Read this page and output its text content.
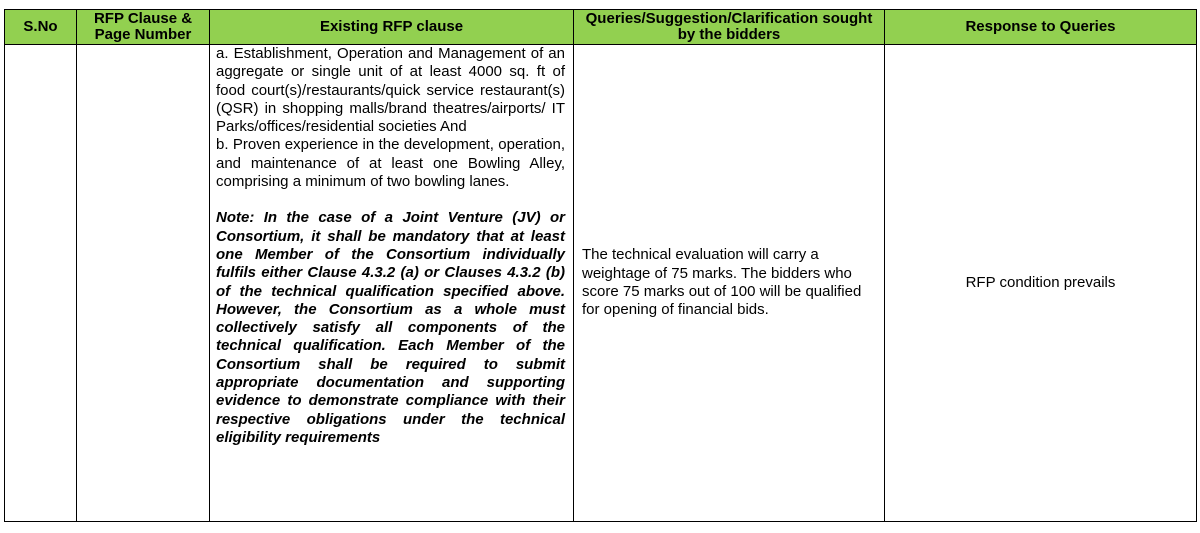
S.No	RFP Clause & Page Number	Existing RFP clause	Queries/Suggestion/Clarification sought by the bidders	Response to Queries

		a. Establishment, Operation and Management of an aggregate or single unit of at least 4000 sq. ft of food court(s)/restaurants/quick service restaurant(s) (QSR) in shopping malls/brand theatres/airports/ IT Parks/offices/residential societies And

b. Proven experience in the development, operation, and maintenance of at least one Bowling Alley, comprising a minimum of two bowling lanes.

Note: In the case of a Joint Venture (JV) or Consortium, it shall be mandatory that at least one Member of the Consortium individually fulfils either Clause 4.3.2 (a) or Clauses 4.3.2 (b) of the technical qualification specified above. However, the Consortium as a whole must collectively satisfy all components of the technical qualification. Each Member of the Consortium shall be required to submit appropriate documentation and supporting evidence to demonstrate compliance with their respective obligations under the technical eligibility requirements	The technical evaluation will carry a weightage of 75 marks. The bidders who score 75 marks out of 100 will be qualified for opening of financial bids.	RFP condition prevails
